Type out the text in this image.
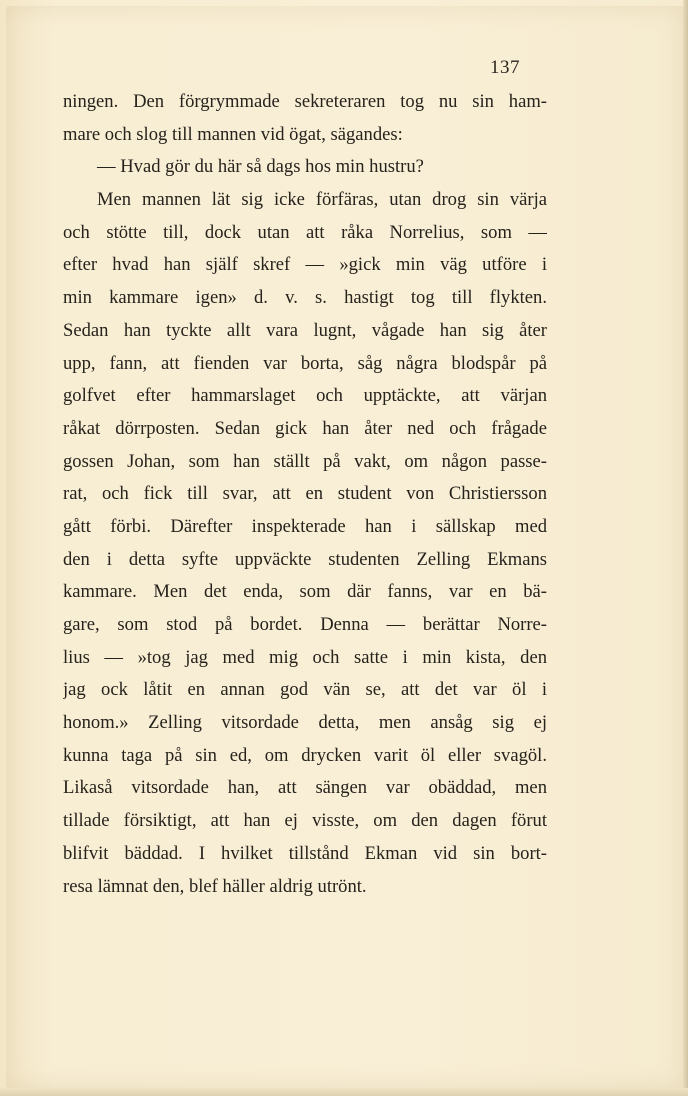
137
ningen. Den förgrymmade sekreteraren tog nu sin ham-
mare och slog till mannen vid ögat, sägandes:
— Hvad gör du här så dags hos min hustru?
Men mannen lät sig icke förfäras, utan drog sin värja
och stötte till, dock utan att råka Norrelius, som —
efter hvad han själf skref — »gick min väg utföre i
min kammare igen» d. v. s. hastigt tog till flykten.
Sedan han tyckte allt vara lugnt, vågade han sig åter
upp, fann, att fienden var borta, såg några blodspår på
golfvet efter hammarslaget och upptäckte, att värjan
råkat dörrposten. Sedan gick han åter ned och frågade
gossen Johan, som han ställt på vakt, om någon passe-
rat, och fick till svar, att en student von Christiersson
gått förbi. Därefter inspekterade han i sällskap med
den i detta syfte uppväckte studenten Zelling Ekmans
kammare. Men det enda, som där fanns, var en bä-
gare, som stod på bordet. Denna — berättar Norre-
lius — »tog jag med mig och satte i min kista, den
jag ock låtit en annan god vän se, att det var öl i
honom.» Zelling vitsordade detta, men ansåg sig ej
kunna taga på sin ed, om drycken varit öl eller svagöl.
Likaså vitsordade han, att sängen var obäddad, men
tillade försiktigt, att han ej visste, om den dagen förut
blifvit bäddad. I hvilket tillstånd Ekman vid sin bort-
resa lämnat den, blef häller aldrig utrönt.
